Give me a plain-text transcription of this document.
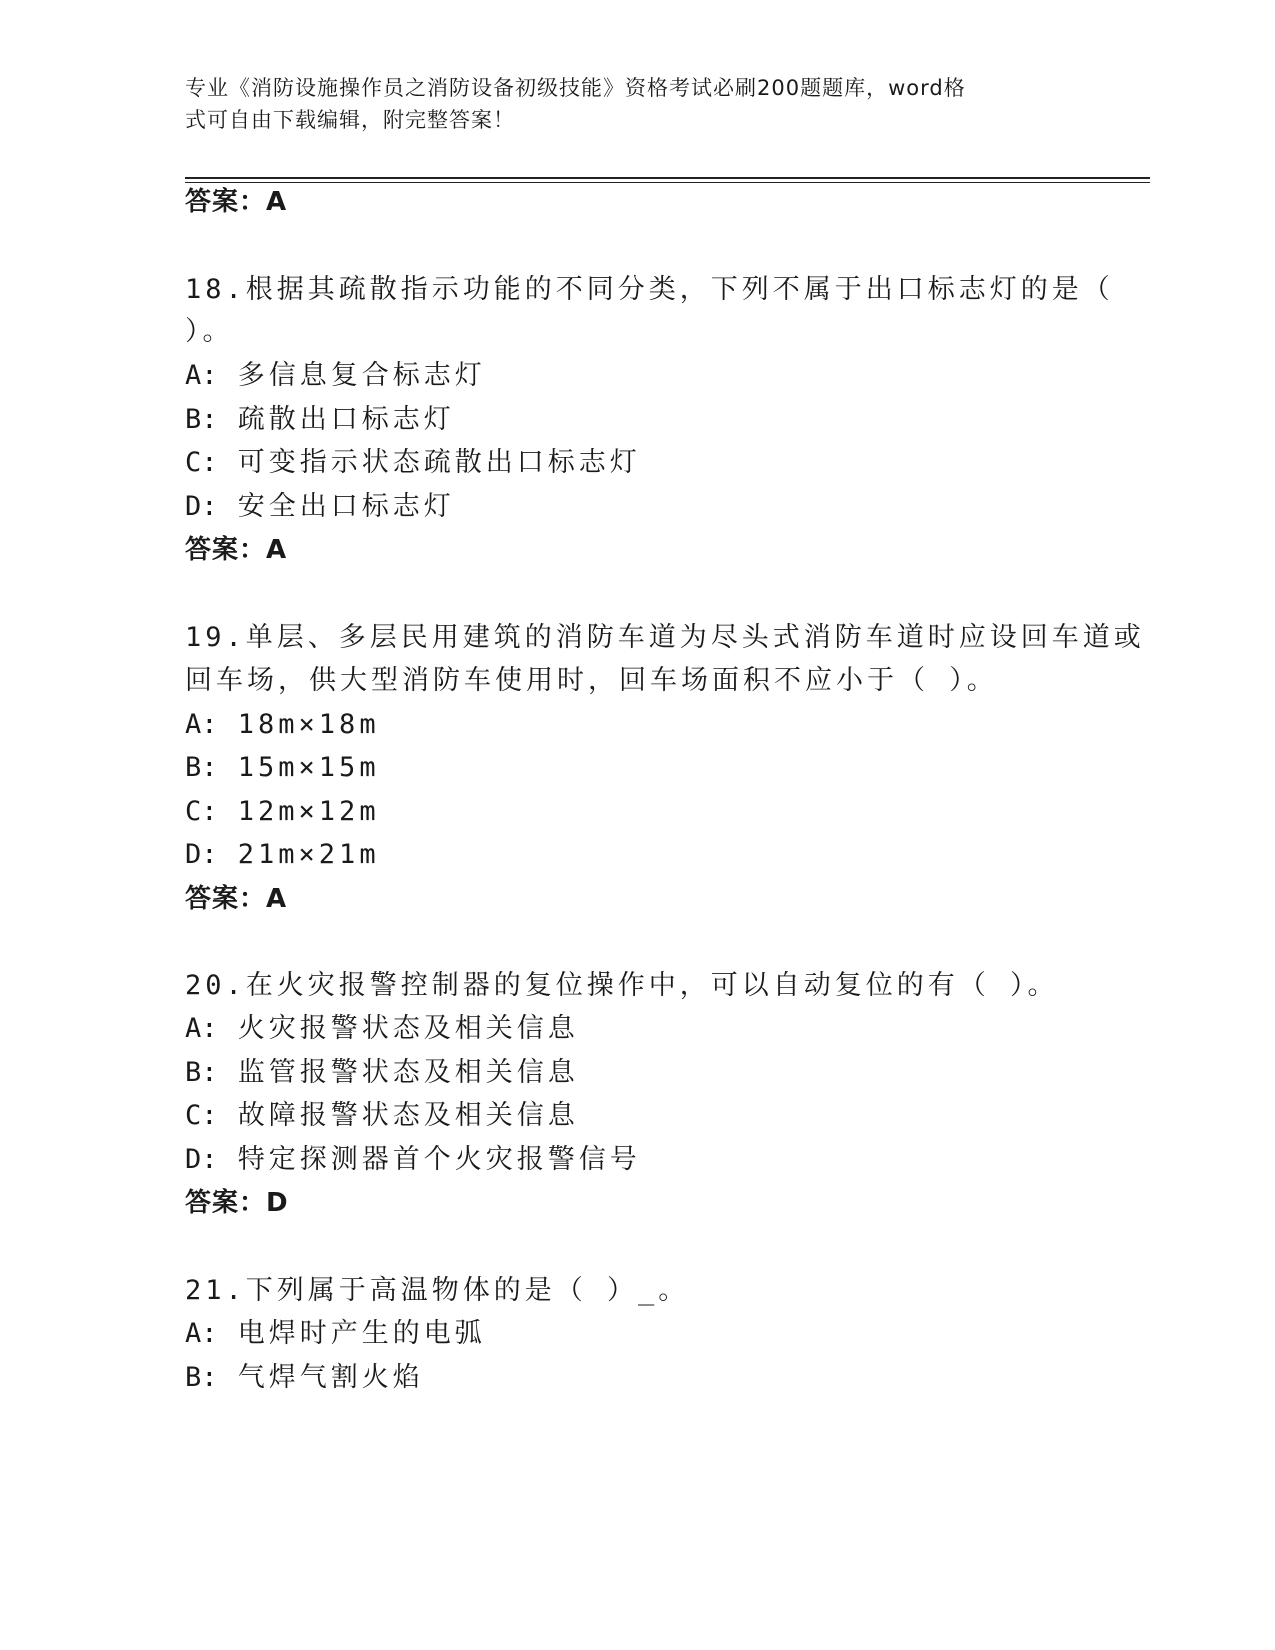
专业《消防设施操作员之消防设备初级技能》资格考试必刷200题题库，word格
式可自由下载编辑，附完整答案！
答案：A
18.根据其疏散指示功能的不同分类，下列不属于出口标志灯的是（
）。
A: 多信息复合标志灯
B: 疏散出口标志灯
C: 可变指示状态疏散出口标志灯
D: 安全出口标志灯
答案：A
19.单层、多层民用建筑的消防车道为尽头式消防车道时应设回车道或
回车场，供大型消防车使用时，回车场面积不应小于（ ）。
A: 18m×18m
B: 15m×15m
C: 12m×12m
D: 21m×21m
答案：A
20.在火灾报警控制器的复位操作中，可以自动复位的有（ ）。
A: 火灾报警状态及相关信息
B: 监管报警状态及相关信息
C: 故障报警状态及相关信息
D: 特定探测器首个火灾报警信号
答案：D
21.下列属于高温物体的是（ ）_。
A: 电焊时产生的电弧
B: 气焊气割火焰
